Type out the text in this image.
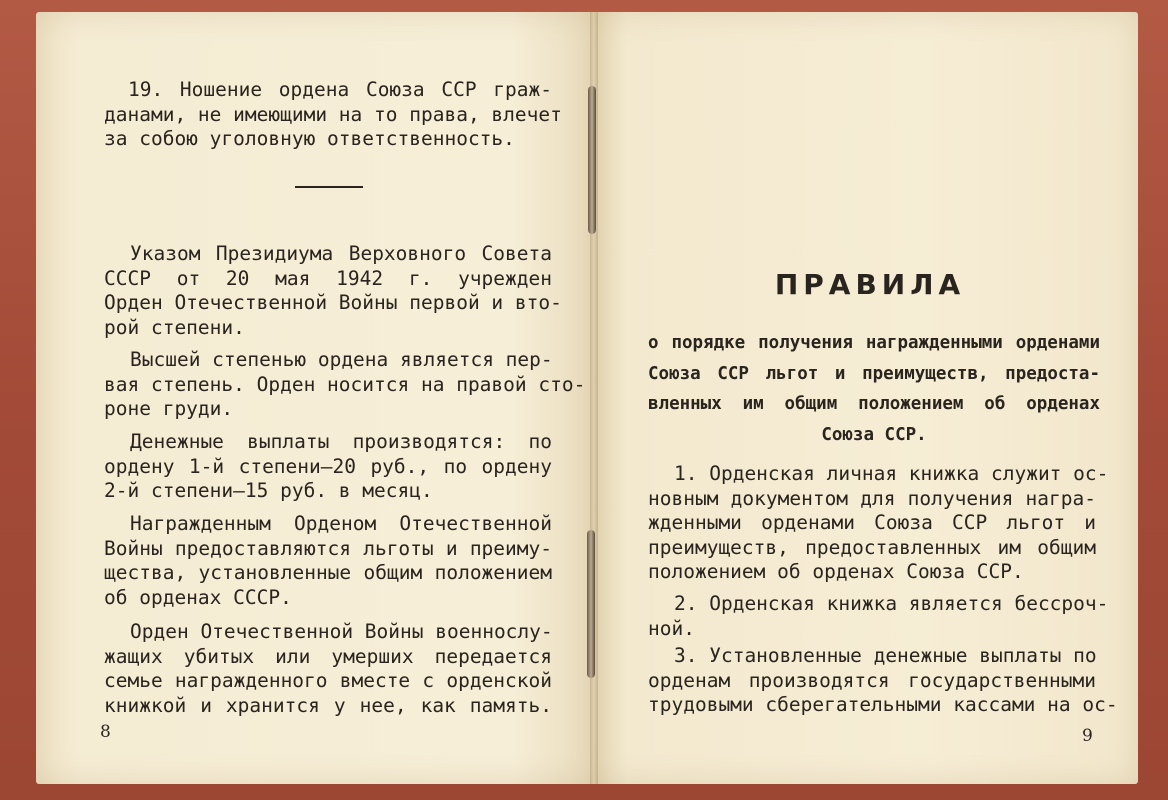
19. Ношение ордена Союза ССР граж-
данами, не имеющими на то права, влечет
за собою уголовную ответственность.
Указом Президиума Верховного Совета
СССР от 20 мая 1942 г. учрежден
Орден Отечественной Войны первой и вто-
рой степени.
Высшей степенью ордена является пер-
вая степень. Орден носится на правой сто-
роне груди.
Денежные выплаты производятся: по
ордену 1-й степени—20 руб., по ордену
2-й степени—15 руб. в месяц.
Награжденным Орденом Отечественной
Войны предоставляются льготы и преиму-
щества, установленные общим положением
об орденах СССР.
Орден Отечественной Войны военнослу-
жащих убитых или умерших передается
семье награжденного вместе с орденской
книжкой и хранится у нее, как память.
8
ПРАВИЛА
о порядке получения награжденными орденами
Союза ССР льгот и преимуществ, предоста-
вленных им общим положением об орденах
Союза ССР.
1. Орденская личная книжка служит ос-
новным документом для получения награ-
жденными орденами Союза ССР льгот и
преимуществ, предоставленных им общим
положением об орденах Союза ССР.
2. Орденская книжка является бессроч-
ной.
3. Установленные денежные выплаты по
орденам производятся государственными
трудовыми сберегательными кассами на ос-
9
